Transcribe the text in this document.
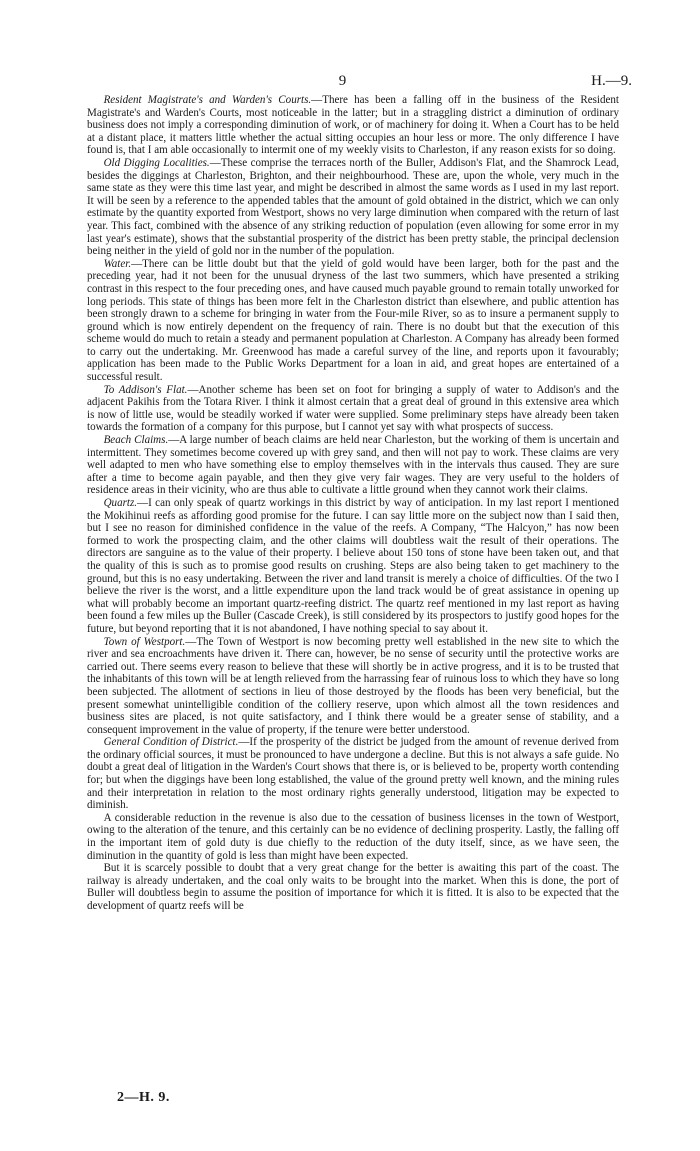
9	H.—9.

Resident Magistrate's and Warden's Courts.—There has been a falling off in the business of the Resident Magistrate's and Warden's Courts, most noticeable in the latter; but in a straggling district a diminution of ordinary business does not imply a corresponding diminution of work, or of machinery for doing it. When a Court has to be held at a distant place, it matters little whether the actual sitting occupies an hour less or more. The only difference I have found is, that I am able occasionally to intermit one of my weekly visits to Charleston, if any reason exists for so doing.

Old Digging Localities.—These comprise the terraces north of the Buller, Addison's Flat, and the Shamrock Lead, besides the diggings at Charleston, Brighton, and their neighbourhood. These are, upon the whole, very much in the same state as they were this time last year, and might be described in almost the same words as I used in my last report. It will be seen by a reference to the appended tables that the amount of gold obtained in the district, which we can only estimate by the quantity exported from Westport, shows no very large diminution when compared with the return of last year. This fact, combined with the absence of any striking reduction of population (even allowing for some error in my last year's estimate), shows that the substantial prosperity of the district has been pretty stable, the principal declension being neither in the yield of gold nor in the number of the population.

Water.—There can be little doubt but that the yield of gold would have been larger, both for the past and the preceding year, had it not been for the unusual dryness of the last two summers, which have presented a striking contrast in this respect to the four preceding ones, and have caused much payable ground to remain totally unworked for long periods. This state of things has been more felt in the Charleston district than elsewhere, and public attention has been strongly drawn to a scheme for bringing in water from the Four-mile River, so as to insure a permanent supply to ground which is now entirely dependent on the frequency of rain. There is no doubt but that the execution of this scheme would do much to retain a steady and permanent population at Charleston. A Company has already been formed to carry out the undertaking. Mr. Greenwood has made a careful survey of the line, and reports upon it favourably; application has been made to the Public Works Department for a loan in aid, and great hopes are entertained of a successful result.

To Addison's Flat.—Another scheme has been set on foot for bringing a supply of water to Addison's and the adjacent Pakihis from the Totara River. I think it almost certain that a great deal of ground in this extensive area which is now of little use, would be steadily worked if water were supplied. Some preliminary steps have already been taken towards the formation of a company for this purpose, but I cannot yet say with what prospects of success.

Beach Claims.—A large number of beach claims are held near Charleston, but the working of them is uncertain and intermittent. They sometimes become covered up with grey sand, and then will not pay to work. These claims are very well adapted to men who have something else to employ themselves with in the intervals thus caused. They are sure after a time to become again payable, and then they give very fair wages. They are very useful to the holders of residence areas in their vicinity, who are thus able to cultivate a little ground when they cannot work their claims.

Quartz.—I can only speak of quartz workings in this district by way of anticipation. In my last report I mentioned the Mokihinui reefs as affording good promise for the future. I can say little more on the subject now than I said then, but I see no reason for diminished confidence in the value of the reefs. A Company, “The Halcyon,” has now been formed to work the prospecting claim, and the other claims will doubtless wait the result of their operations. The directors are sanguine as to the value of their property. I believe about 150 tons of stone have been taken out, and that the quality of this is such as to promise good results on crushing. Steps are also being taken to get machinery to the ground, but this is no easy undertaking. Between the river and land transit is merely a choice of difficulties. Of the two I believe the river is the worst, and a little expenditure upon the land track would be of great assistance in opening up what will probably become an important quartz-reefing district. The quartz reef mentioned in my last report as having been found a few miles up the Buller (Cascade Creek), is still considered by its prospectors to justify good hopes for the future, but beyond reporting that it is not abandoned, I have nothing special to say about it.

Town of Westport.—The Town of Westport is now becoming pretty well established in the new site to which the river and sea encroachments have driven it. There can, however, be no sense of security until the protective works are carried out. There seems every reason to believe that these will shortly be in active progress, and it is to be trusted that the inhabitants of this town will be at length relieved from the harrassing fear of ruinous loss to which they have so long been subjected. The allotment of sections in lieu of those destroyed by the floods has been very beneficial, but the present somewhat unintelligible condition of the colliery reserve, upon which almost all the town residences and business sites are placed, is not quite satisfactory, and I think there would be a greater sense of stability, and a consequent improvement in the value of property, if the tenure were better understood.

General Condition of District.—If the prosperity of the district be judged from the amount of revenue derived from the ordinary official sources, it must be pronounced to have undergone a decline. But this is not always a safe guide. No doubt a great deal of litigation in the Warden's Court shows that there is, or is believed to be, property worth contending for; but when the diggings have been long established, the value of the ground pretty well known, and the mining rules and their interpretation in relation to the most ordinary rights generally understood, litigation may be expected to diminish.

A considerable reduction in the revenue is also due to the cessation of business licenses in the town of Westport, owing to the alteration of the tenure, and this certainly can be no evidence of declining prosperity. Lastly, the falling off in the important item of gold duty is due chiefly to the reduction of the duty itself, since, as we have seen, the diminution in the quantity of gold is less than might have been expected.

But it is scarcely possible to doubt that a very great change for the better is awaiting this part of the coast. The railway is already undertaken, and the coal only waits to be brought into the market. When this is done, the port of Buller will doubtless begin to assume the position of importance for which it is fitted. It is also to be expected that the development of quartz reefs will be

2—H. 9.
